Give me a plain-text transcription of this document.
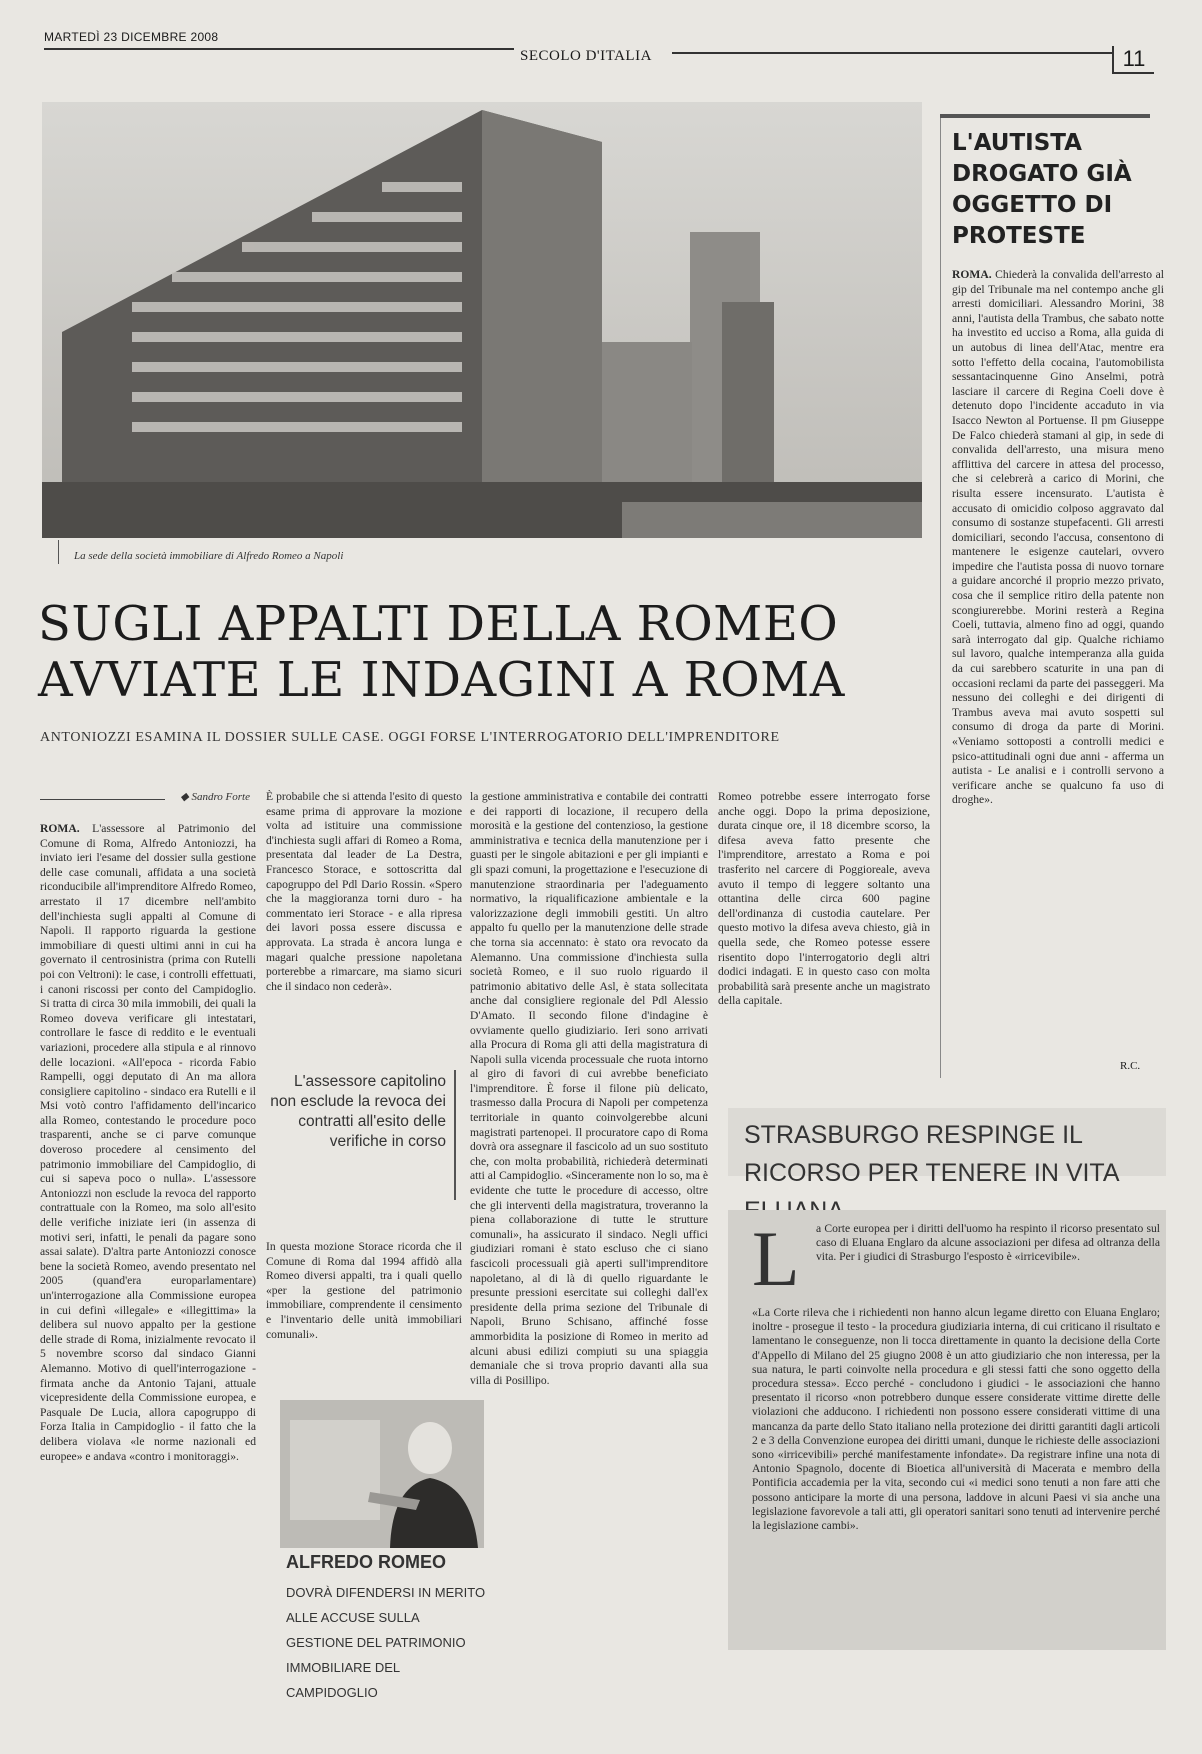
MARTEDÌ 23 DICEMBRE 2008
SECOLO D'ITALIA	11
La sede della società immobiliare di Alfredo Romeo a Napoli
SUGLI APPALTI DELLA ROMEO
AVVIATE LE INDAGINI A ROMA
ANTONIOZZI ESAMINA IL DOSSIER SULLE CASE. OGGI FORSE L'INTERROGATORIO DELL'IMPRENDITORE
◆ Sandro Forte
ROMA. L'assessore al Patrimonio del Comune di Roma, Alfredo Antoniozzi, ha inviato ieri l'esame del dossier sulla gestione delle case comunali, affidata a una società riconducibile all'imprenditore Alfredo Romeo, arrestato il 17 dicembre nell'ambito dell'inchiesta sugli appalti al Comune di Napoli. Il rapporto riguarda la gestione immobiliare di questi ultimi anni in cui ha governato il centrosinistra (prima con Rutelli poi con Veltroni): le case, i controlli effettuati, i canoni riscossi per conto del Campidoglio. Si tratta di circa 30 mila immobili, dei quali la Romeo doveva verificare gli intestatari, controllare le fasce di reddito e le eventuali variazioni, procedere alla stipula e al rinnovo delle locazioni. «All'epoca - ricorda Fabio Rampelli, oggi deputato di An ma allora consigliere capitolino - sindaco era Rutelli e il Msi votò contro l'affidamento dell'incarico alla Romeo, contestando le procedure poco trasparenti, anche se ci parve comunque doveroso procedere al censimento del patrimonio immobiliare del Campidoglio, di cui si sapeva poco o nulla». L'assessore Antoniozzi non esclude la revoca del rapporto contrattuale con la Romeo, ma solo all'esito delle verifiche iniziate ieri (in assenza di motivi seri, infatti, le penali da pagare sono assai salate). D'altra parte Antoniozzi conosce bene la società Romeo, avendo presentato nel 2005 (quand'era europarlamentare) un'interrogazione alla Commissione europea in cui definì «illegale» e «illegittima» la delibera sul nuovo appalto per la gestione delle strade di Roma, inizialmente revocato il 5 novembre scorso dal sindaco Gianni Alemanno. Motivo di quell'interrogazione - firmata anche da Antonio Tajani, attuale vicepresidente della Commissione europea, e Pasquale De Lucia, allora capogruppo di Forza Italia in Campidoglio - il fatto che la delibera violava «le norme nazionali ed europee» e andava «contro i monitoraggi».
È probabile che si attenda l'esito di questo esame prima di approvare la mozione volta ad istituire una commissione d'inchiesta sugli affari di Romeo a Roma, presentata dal leader de La Destra, Francesco Storace, e sottoscritta dal capogruppo del Pdl Dario Rossin. «Spero che la maggioranza torni duro - ha commentato ieri Storace - e alla ripresa dei lavori possa essere discussa e approvata. La strada è ancora lunga e magari qualche pressione napoletana porterebbe a rimarcare, ma siamo sicuri che il sindaco non cederà».
L'assessore capitolino non esclude la revoca dei contratti all'esito delle verifiche in corso
In questa mozione Storace ricorda che il Comune di Roma dal 1994 affidò alla Romeo diversi appalti, tra i quali quello «per la gestione del patrimonio immobiliare, comprendente il censimento e l'inventario delle unità immobiliari comunali».
la gestione amministrativa e contabile dei contratti e dei rapporti di locazione, il recupero della morosità e la gestione del contenzioso, la gestione amministrativa e tecnica della manutenzione per i guasti per le singole abitazioni e per gli impianti e gli spazi comuni, la progettazione e l'esecuzione di manutenzione straordinaria per l'adeguamento normativo, la riqualificazione ambientale e la valorizzazione degli immobili gestiti. Un altro appalto fu quello per la manutenzione delle strade che torna sia accennato: è stato ora revocato da Alemanno. Una commissione d'inchiesta sulla società Romeo, e il suo ruolo riguardo il patrimonio abitativo delle Asl, è stata sollecitata anche dal consigliere regionale del Pdl Alessio D'Amato. Il secondo filone d'indagine è ovviamente quello giudiziario. Ieri sono arrivati alla Procura di Roma gli atti della magistratura di Napoli sulla vicenda processuale che ruota intorno al giro di favori di cui avrebbe beneficiato l'imprenditore. È forse il filone più delicato, trasmesso dalla Procura di Napoli per competenza territoriale in quanto coinvolgerebbe alcuni magistrati partenopei. Il procuratore capo di Roma dovrà ora assegnare il fascicolo ad un suo sostituto che, con molta probabilità, richiederà determinati atti al Campidoglio. «Sinceramente non lo so, ma è evidente che tutte le procedure di accesso, oltre che gli interventi della magistratura, troveranno la piena collaborazione di tutte le strutture comunali», ha assicurato il sindaco. Negli uffici giudiziari romani è stato escluso che ci siano fascicoli processuali già aperti sull'imprenditore napoletano, al di là di quello riguardante le presunte pressioni esercitate sui colleghi dall'ex presidente della prima sezione del Tribunale di Napoli, Bruno Schisano, affinché fosse ammorbidita la posizione di Romeo in merito ad alcuni abusi edilizi compiuti su una spiaggia demaniale che si trova proprio davanti alla sua villa di Posillipo.
Romeo potrebbe essere interrogato forse anche oggi. Dopo la prima deposizione, durata cinque ore, il 18 dicembre scorso, la difesa aveva fatto presente che l'imprenditore, arrestato a Roma e poi trasferito nel carcere di Poggioreale, aveva avuto il tempo di leggere soltanto una ottantina delle circa 600 pagine dell'ordinanza di custodia cautelare. Per questo motivo la difesa aveva chiesto, già in quella sede, che Romeo potesse essere risentito dopo l'interrogatorio degli altri dodici indagati. E in questo caso con molta probabilità sarà presente anche un magistrato della capitale.
ALFREDO ROMEO
DOVRÀ DIFENDERSI IN MERITO ALLE ACCUSE SULLA GESTIONE DEL PATRIMONIO IMMOBILIARE DEL CAMPIDOGLIO
L'AUTISTA DROGATO GIÀ OGGETTO DI PROTESTE
ROMA. Chiederà la convalida dell'arresto al gip del Tribunale ma nel contempo anche gli arresti domiciliari. Alessandro Morini, 38 anni, l'autista della Trambus, che sabato notte ha investito ed ucciso a Roma, alla guida di un autobus di linea dell'Atac, mentre era sotto l'effetto della cocaina, l'automobilista sessantacinquenne Gino Anselmi, potrà lasciare il carcere di Regina Coeli dove è detenuto dopo l'incidente accaduto in via Isacco Newton al Portuense. Il pm Giuseppe De Falco chiederà stamani al gip, in sede di convalida dell'arresto, una misura meno afflittiva del carcere in attesa del processo, che si celebrerà a carico di Morini, che risulta essere incensurato. L'autista è accusato di omicidio colposo aggravato dal consumo di sostanze stupefacenti. Gli arresti domiciliari, secondo l'accusa, consentono di mantenere le esigenze cautelari, ovvero impedire che l'autista possa di nuovo tornare a guidare ancorché il proprio mezzo privato, cosa che il semplice ritiro della patente non scongiurerebbe. Morini resterà a Regina Coeli, tuttavia, almeno fino ad oggi, quando sarà interrogato dal gip. Qualche richiamo sul lavoro, qualche intemperanza alla guida da cui sarebbero scaturite in una pan di occasioni reclami da parte dei passeggeri. Ma nessuno dei colleghi e dei dirigenti di Trambus aveva mai avuto sospetti sul consumo di droga da parte di Morini. «Veniamo sottoposti a controlli medici e psico-attitudinali ogni due anni - afferma un autista - Le analisi e i controlli servono a verificare anche se qualcuno fa uso di droghe».
R.C.
STRASBURGO RESPINGE IL RICORSO PER TENERE IN VITA
L a Corte europea per i diritti dell'uomo ha respinto il ricorso presentato sul caso di Eluana Englaro da alcune associazioni per difesa ad oltranza della vita. Per i giudici di Strasburgo l'esposto è «irricevibile».
«La Corte rileva che i richiedenti non hanno alcun legame diretto con Eluana Englaro; inoltre - prosegue il testo - la procedura giudiziaria interna, di cui criticano il risultato e lamentano le conseguenze, non li tocca direttamente in quanto la decisione della Corte d'Appello di Milano del 25 giugno 2008 è un atto giudiziario che non interessa, per la sua natura, le parti coinvolte nella procedura e gli stessi fatti che sono oggetto della procedura stessa». Ecco perché - concludono i giudici - le associazioni che hanno presentato il ricorso «non potrebbero dunque essere considerate vittime dirette delle violazioni che adducono. I richiedenti non possono essere considerati vittime di una mancanza da parte dello Stato italiano nella protezione dei diritti garantiti dagli articoli 2 e 3 della Convenzione europea dei diritti umani, dunque le richieste delle associazioni sono «irricevibili» perché manifestamente infondate». Da registrare infine una nota di Antonio Spagnolo, docente di Bioetica all'università di Macerata e membro della Pontificia accademia per la vita, secondo cui «i medici sono tenuti a non fare atti che possono anticipare la morte di una persona, laddove in alcuni Paesi vi sia anche una legislazione favorevole a tali atti, gli operatori sanitari sono tenuti ad intervenire perché la legislazione cambi».
